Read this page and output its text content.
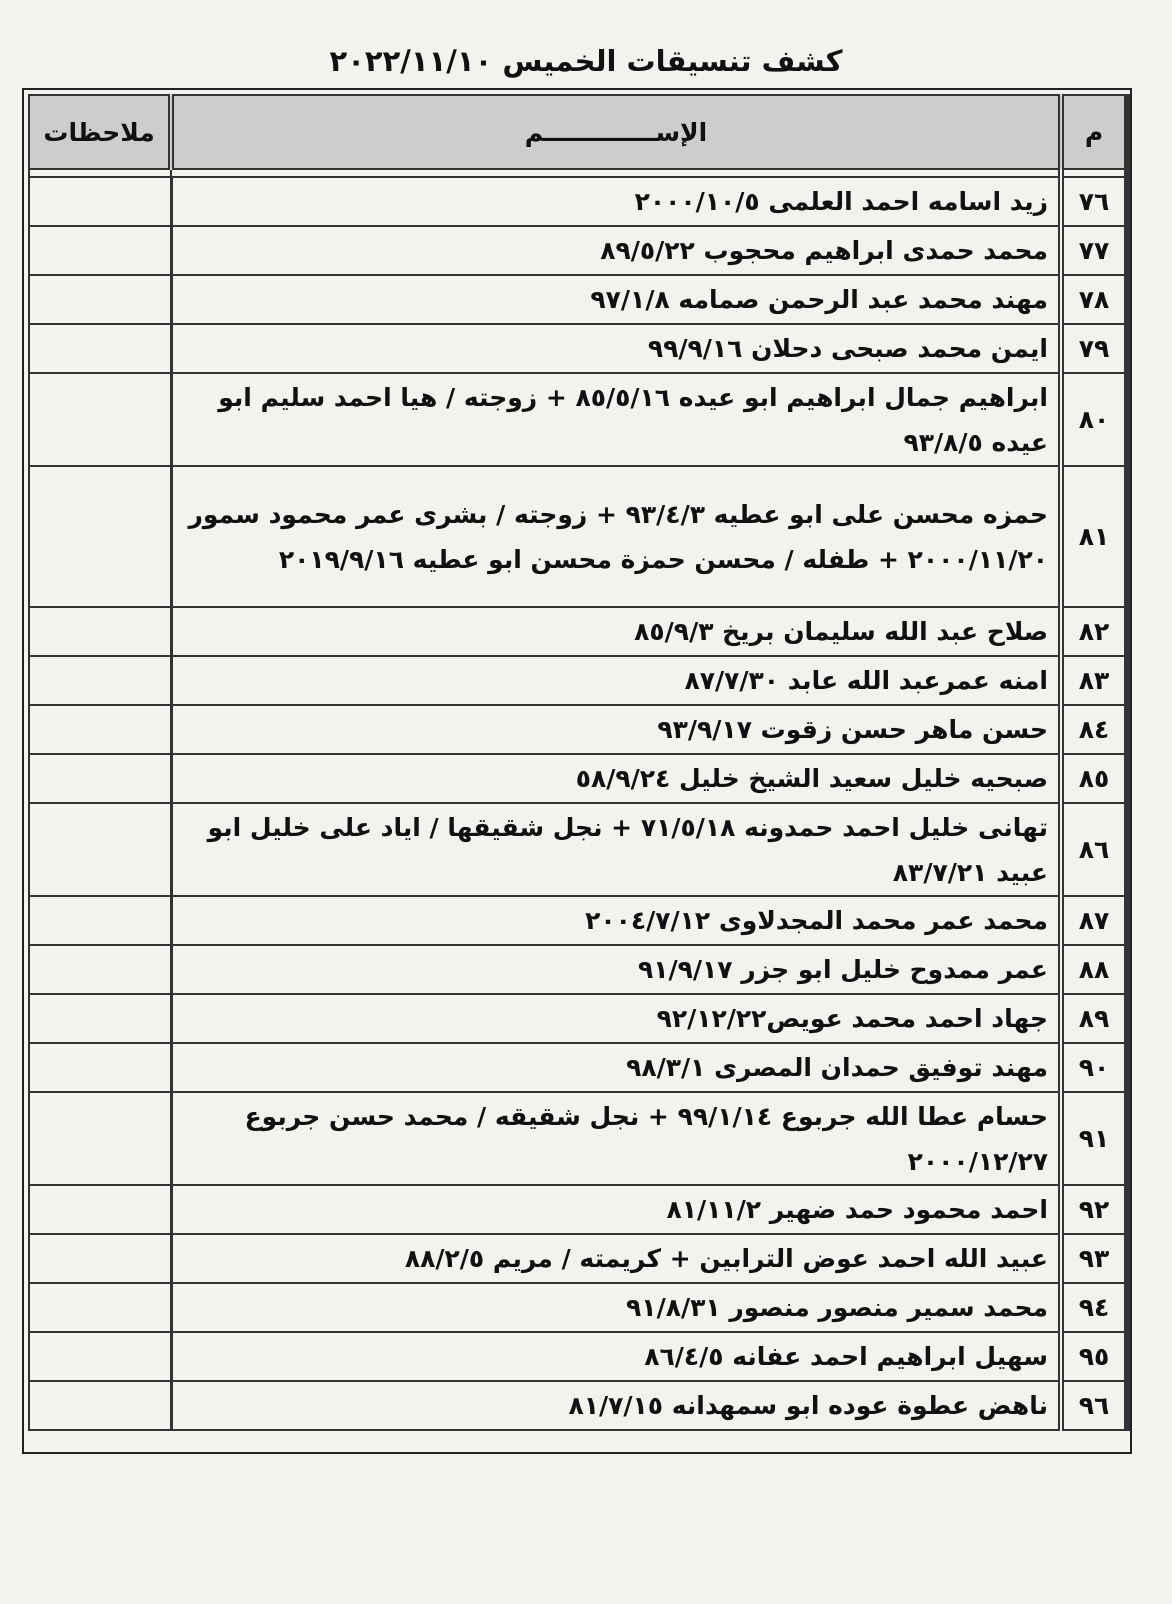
كشف تنسيقات الخميس ٢٠٢٢/١١/١٠
م	الإســـــــــــــم	ملاحظات

٧٦	زيد اسامه احمد العلمى ٢٠٠٠/١٠/٥	
٧٧	محمد حمدى ابراهيم محجوب ٨٩/٥/٢٢	
٧٨	مهند محمد عبد الرحمن صمامه ٩٧/١/٨	
٧٩	ايمن محمد صبحى دحلان ٩٩/٩/١٦	
٨٠	ابراهيم جمال ابراهيم ابو عيده ٨٥/٥/١٦ + زوجته / هيا احمد سليم ابو عيده ٩٣/٨/٥	
٨١	حمزه محسن على ابو عطيه ٩٣/٤/٣ + زوجته / بشرى عمر محمود سمور ٢٠٠٠/١١/٢٠ + طفله / محسن حمزة محسن ابو عطيه ٢٠١٩/٩/١٦	
٨٢	صلاح عبد الله سليمان بريخ ٨٥/٩/٣	
٨٣	امنه عمرعبد الله عابد ٨٧/٧/٣٠	
٨٤	حسن ماهر حسن زقوت ٩٣/٩/١٧	
٨٥	صبحيه خليل سعيد الشيخ خليل ٥٨/٩/٢٤	
٨٦	تهانى خليل احمد حمدونه ٧١/٥/١٨ + نجل شقيقها / اياد على خليل ابو عبيد ٨٣/٧/٢١	
٨٧	محمد عمر محمد المجدلاوى ٢٠٠٤/٧/١٢	
٨٨	عمر ممدوح خليل ابو جزر ٩١/٩/١٧	
٨٩	جهاد احمد محمد عويص٩٢/١٢/٢٢	
٩٠	مهند توفيق حمدان المصرى ٩٨/٣/١	
٩١	حسام عطا الله جربوع ٩٩/١/١٤ + نجل شقيقه / محمد حسن جربوع ٢٠٠٠/١٢/٢٧	
٩٢	احمد محمود حمد ضهير ٨١/١١/٢	
٩٣	عبيد الله احمد عوض الترابين + كريمته / مريم ٨٨/٢/٥	
٩٤	محمد سمير منصور منصور ٩١/٨/٣١	
٩٥	سهيل ابراهيم احمد عفانه ٨٦/٤/٥	
٩٦	ناهض عطوة عوده ابو سمهدانه ٨١/٧/١٥	
